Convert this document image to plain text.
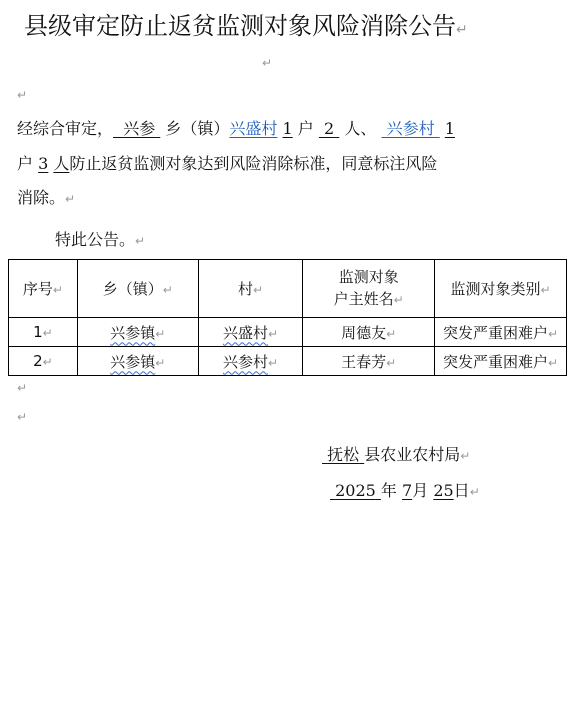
县级审定防止返贫监测对象风险消除公告↵
↵
↵
经综合审定， 兴参 乡（镇）兴盛村 1 户 2 人、 兴参村 1
户 3 人防止返贫监测对象达到风险消除标准，同意标注风险
消除。↵
特此公告。↵
序号↵	乡（镇）↵	村↵	监测对象
户主姓名↵	监测对象类别↵
1↵	兴参镇↵	兴盛村↵	周德友↵	突发严重困难户↵
2↵	兴参镇↵	兴参村↵	王春芳↵	突发严重困难户↵
↵
↵
抚松 县农业农村局↵
2025 年 7月 25日↵
